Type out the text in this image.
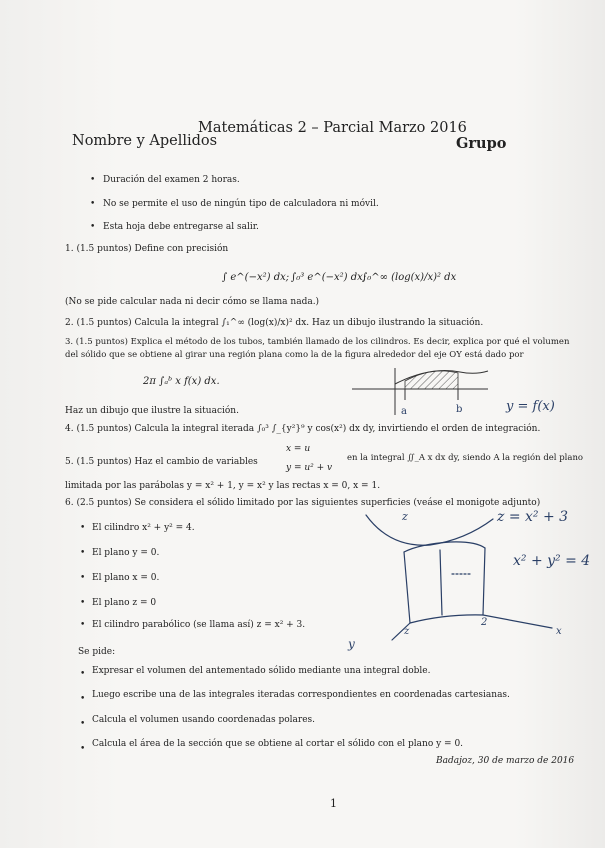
Matemáticas 2 – Parcial Marzo 2016
Nombre y Apellidos	Grupo
• Duración del examen 2 horas.
• No se permite el uso de ningún tipo de calculadora ni móvil.
• Esta hoja debe entregarse al salir.
1. (1.5 puntos) Define con precisión
∫ e^(−x²) dx; ∫₀³ e^(−x²) dx;
∫₀^∞ (log(x)/x)² dx
(No se pide calcular nada ni decir cómo se llama nada.)
2. (1.5 puntos) Calcula la integral ∫₁^∞ (log(x)/x)² dx. Haz un dibujo ilustrando la situación.
3. (1.5 puntos) Explica el método de los tubos, también llamado de los cilindros. Es decir, explica por qué el volumen
del sólido que se obtiene al girar una región plana como la de la figura alrededor del eje OY está dado por
2π ∫ₐᵇ x f(x) dx.
Haz un dibujo que ilustre la situación.
4. (1.5 puntos) Calcula la integral iterada ∫₀³ ∫_{y²}⁹ y cos(x²) dx dy, invirtiendo el orden de integración.
5. (1.5 puntos) Haz el cambio de variables
x = u
y = u² + v
en la integral ∬_A x dx dy, siendo A la región del plano
limitada por las parábolas y = x² + 1, y = x² y las rectas x = 0, x = 1.
6. (2.5 puntos) Se considera el sólido limitado por las siguientes superficies (veáse el monigote adjunto)
• El cilindro x² + y² = 4.
• El plano y = 0.
• El plano x = 0.
• El plano z = 0
• El cilindro parabólico (se llama así) z = x² + 3.
Se pide:
• Expresar el volumen del antementado sólido mediante una integral doble.
• Luego escribe una de las integrales iteradas correspondientes en coordenadas cartesianas.
• Calcula el volumen usando coordenadas polares.
• Calcula el área de la sección que se obtiene al cortar el sólido con el plano y = 0.
Badajoz, 30 de marzo de 2016
1
a	b	y = f(x)
z	z = x² + 3
x² + y² = 4
z
2
x
y
